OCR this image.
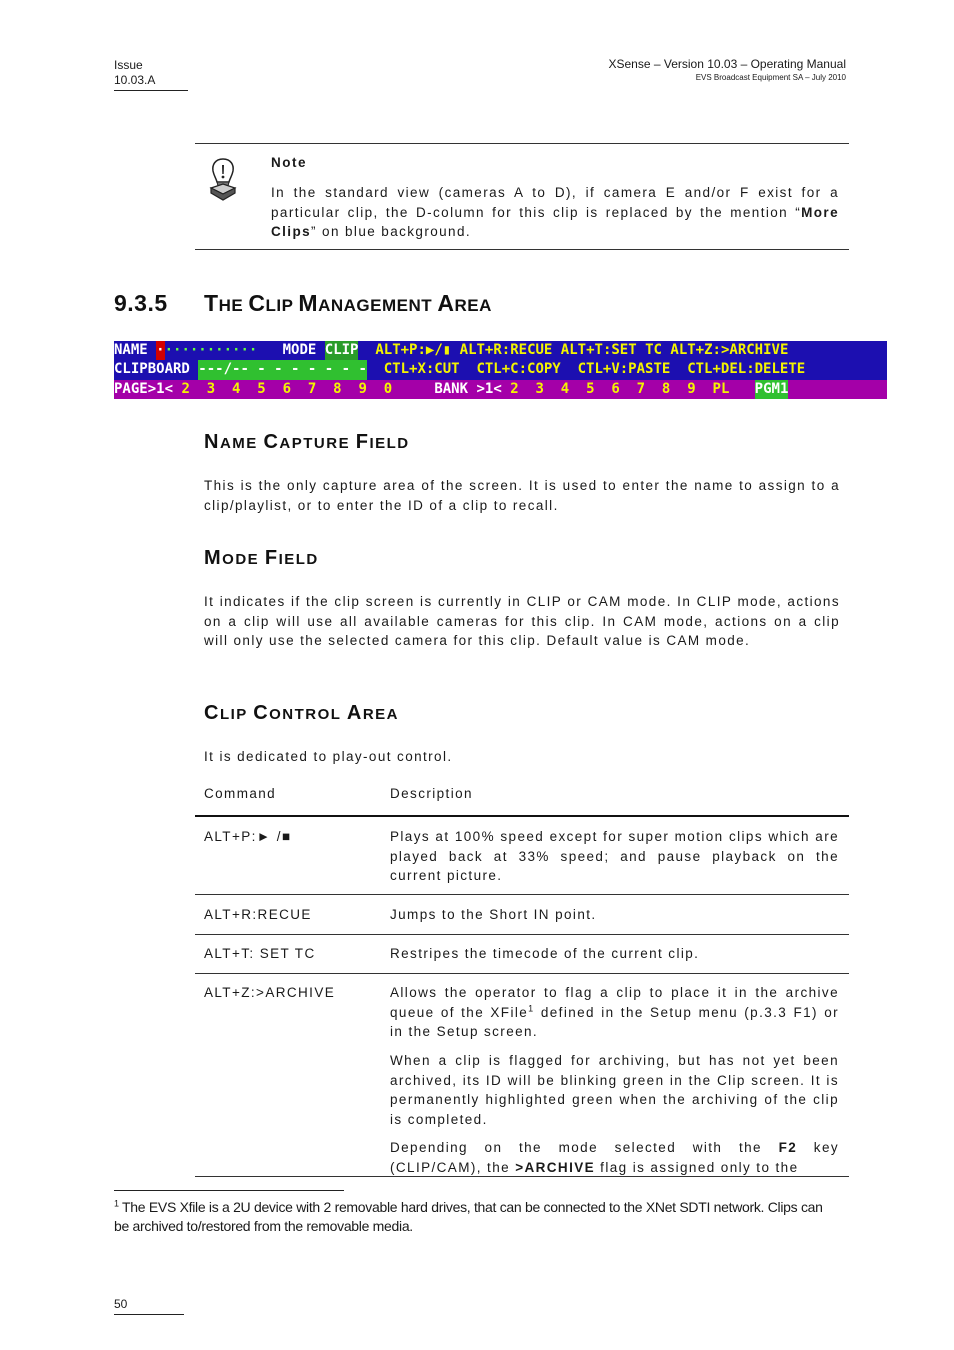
Issue
10.03.A
XSense – Version 10.03 – Operating Manual
EVS Broadcast Equipment SA – July 2010
Note
In the standard view (cameras A to D), if camera E and/or F exist for a particular clip, the D-column for this clip is replaced by the mention “More Clips” on blue background.
9.3.5 THE CLIP MANAGEMENT AREA
NAME ············ MODE CLIP ALT+P:▶/▮ ALT+R:RECUE ALT+T:SET TC ALT+Z:>ARCHIVE
CLIPBOARD ---/-- - - - - - - - CTL+X:CUT CTL+C:COPY CTL+V:PASTE CTL+DEL:DELETE
PAGE>1< 2  3  4  5  6  7  8  9  0	BANK >1< 2  3  4  5  6  7  8  9 PL PGM1
NAME CAPTURE FIELD
This is the only capture area of the screen. It is used to enter the name to assign to a clip/playlist, or to enter the ID of a clip to recall.
MODE FIELD
It indicates if the clip screen is currently in CLIP or CAM mode. In CLIP mode, actions on a clip will use all available cameras for this clip. In CAM mode, actions on a clip will only use the selected camera for this clip. Default value is CAM mode.
CLIP CONTROL AREA
It is dedicated to play-out control.
Command	Description
ALT+P:► /■	Plays at 100% speed except for super motion clips which are played back at 33% speed; and pause playback on the current picture.
ALT+R:RECUE	Jumps to the Short IN point.
ALT+T: SET TC	Restripes the timecode of the current clip.
ALT+Z:>ARCHIVE	Allows the operator to flag a clip to place it in the archive queue of the XFile$^1$ defined in the Setup menu (p.3.3 F1) or in the Setup screen.
When a clip is flagged for archiving, but has not yet been archived, its ID will be blinking green in the Clip screen. It is permanently highlighted green when the archiving of the clip is completed.
Depending on the mode selected with the F2 key (CLIP/CAM), the >ARCHIVE flag is assigned only to the
$^1$ The EVS Xfile is a 2U device with 2 removable hard drives, that can be connected to the XNet SDTI network. Clips can be archived to/restored from the removable media.
50
